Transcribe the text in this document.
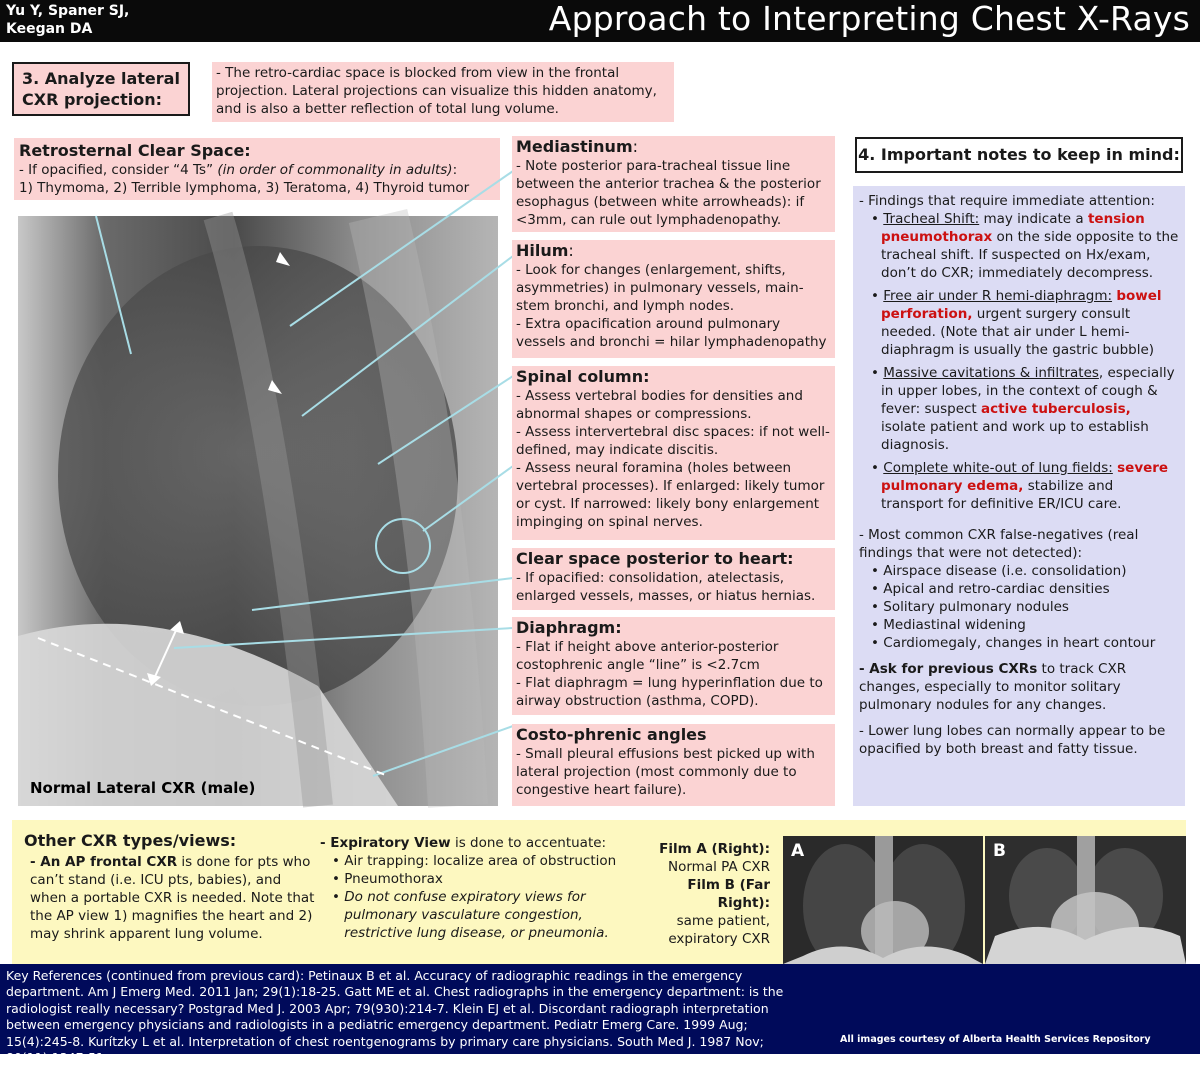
Yu Y, Spaner SJ,
Keegan DA	Approach to Interpreting Chest X-Rays
3. Analyze lateral
CXR projection:
- The retro-cardiac space is blocked from view in the frontal projection. Lateral projections can visualize this hidden anatomy, and is also a better reflection of total lung volume.
Retrosternal Clear Space:
- If opacified, consider “4 Ts” (in order of commonality in adults):
1) Thymoma, 2) Terrible lymphoma, 3) Teratoma, 4) Thyroid tumor
Normal Lateral CXR (male)
Mediastinum:
- Note posterior para-tracheal tissue line between the anterior trachea & the posterior esophagus (between white arrowheads): if <3mm, can rule out lymphadenopathy.
Hilum:
- Look for changes (enlargement, shifts, asymmetries) in pulmonary vessels, main-stem bronchi, and lymph nodes.
- Extra opacification around pulmonary vessels and bronchi = hilar lymphadenopathy
Spinal column:
- Assess vertebral bodies for densities and abnormal shapes or compressions.
- Assess intervertebral disc spaces: if not well-defined, may indicate discitis.
- Assess neural foramina (holes between vertebral processes). If enlarged: likely tumor or cyst. If narrowed: likely bony enlargement impinging on spinal nerves.
Clear space posterior to heart:
- If opacified: consolidation, atelectasis, enlarged vessels, masses, or hiatus hernias.
Diaphragm:
- Flat if height above anterior-posterior costophrenic angle “line” is <2.7cm
- Flat diaphragm = lung hyperinflation due to airway obstruction (asthma, COPD).
Costo-phrenic angles
- Small pleural effusions best picked up with lateral projection (most commonly due to congestive heart failure).
4. Important notes to keep in mind:
- Findings that require immediate attention:
• Tracheal Shift: may indicate a tension pneumothorax on the side opposite to the tracheal shift. If suspected on Hx/exam, don’t do CXR; immediately decompress.
• Free air under R hemi-diaphragm: bowel perforation, urgent surgery consult needed. (Note that air under L hemi-diaphragm is usually the gastric bubble)
• Massive cavitations & infiltrates, especially in upper lobes, in the context of cough & fever: suspect active tuberculosis, isolate patient and work up to establish diagnosis.
• Complete white-out of lung fields: severe pulmonary edema, stabilize and transport for definitive ER/ICU care.
- Most common CXR false-negatives (real findings that were not detected):
• Airspace disease (i.e. consolidation)
• Apical and retro-cardiac densities
• Solitary pulmonary nodules
• Mediastinal widening
• Cardiomegaly, changes in heart contour
- Ask for previous CXRs to track CXR changes, especially to monitor solitary pulmonary nodules for any changes.
- Lower lung lobes can normally appear to be opacified by both breast and fatty tissue.
Other CXR types/views:
- An AP frontal CXR is done for pts who can’t stand (i.e. ICU pts, babies), and when a portable CXR is needed. Note that the AP view 1) magnifies the heart and 2) may shrink apparent lung volume.
- Expiratory View is done to accentuate:
• Air trapping: localize area of obstruction
• Pneumothorax
• Do not confuse expiratory views for pulmonary vasculature congestion, restrictive lung disease, or pneumonia.
Film A (Right):
Normal PA CXR
Film B (Far Right):
same patient, expiratory CXR
A	B
Key References (continued from previous card): Petinaux B et al. Accuracy of radiographic readings in the emergency department. Am J Emerg Med. 2011 Jan; 29(1):18-25. Gatt ME et al. Chest radiographs in the emergency department: is the radiologist really necessary? Postgrad Med J. 2003 Apr; 79(930):214-7. Klein EJ et al. Discordant radiograph interpretation between emergency physicians and radiologists in a pediatric emergency department. Pediatr Emerg Care. 1999 Aug; 15(4):245-8. Kurítzky L et al. Interpretation of chest roentgenograms by primary care physicians. South Med J. 1987 Nov; 80(11):1347-51.
All images courtesy of Alberta Health Services Repository
